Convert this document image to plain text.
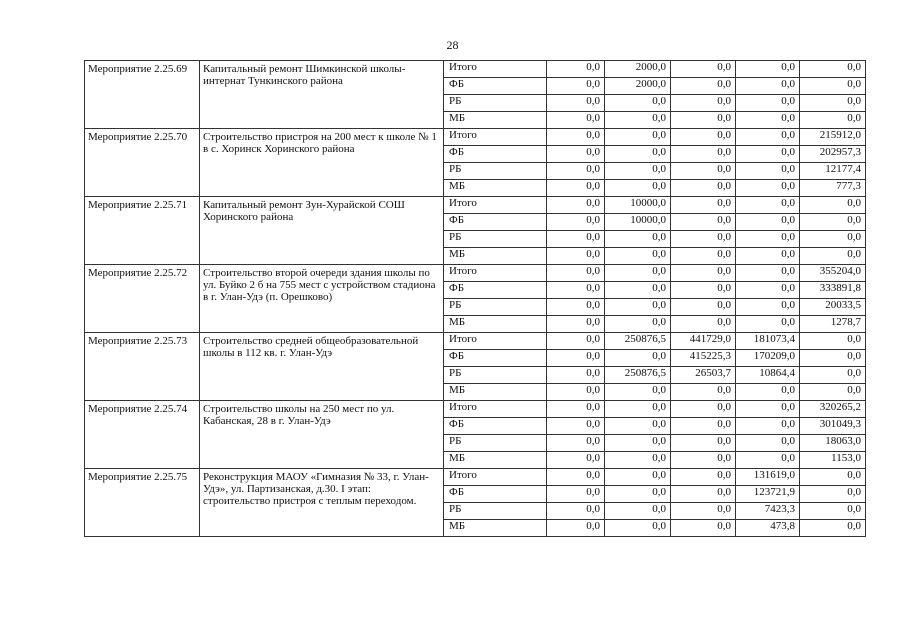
28
Мероприятие 2.25.69	Капитальный ремонт Шимкинской школы-интернат Тункинского района	Итого	0,0	2000,0	0,0	0,0	0,0
		ФБ	0,0	2000,0	0,0	0,0	0,0
		РБ	0,0	0,0	0,0	0,0	0,0
		МБ	0,0	0,0	0,0	0,0	0,0
Мероприятие 2.25.70	Строительство пристроя на 200 мест к школе № 1 в с. Хоринск Хоринского района	Итого	0,0	0,0	0,0	0,0	215912,0
		ФБ	0,0	0,0	0,0	0,0	202957,3
		РБ	0,0	0,0	0,0	0,0	12177,4
		МБ	0,0	0,0	0,0	0,0	777,3
Мероприятие 2.25.71	Капитальный ремонт Зун-Хурайской СОШ Хоринского района	Итого	0,0	10000,0	0,0	0,0	0,0
		ФБ	0,0	10000,0	0,0	0,0	0,0
		РБ	0,0	0,0	0,0	0,0	0,0
		МБ	0,0	0,0	0,0	0,0	0,0
Мероприятие 2.25.72	Строительство второй очереди здания школы по ул. Буйко 2 б на 755 мест с устройством стадиона в г. Улан-Удэ (п. Орешково)	Итого	0,0	0,0	0,0	0,0	355204,0
		ФБ	0,0	0,0	0,0	0,0	333891,8
		РБ	0,0	0,0	0,0	0,0	20033,5
		МБ	0,0	0,0	0,0	0,0	1278,7
Мероприятие 2.25.73	Строительство средней общеобразовательной школы в 112 кв. г. Улан-Удэ	Итого	0,0	250876,5	441729,0	181073,4	0,0
		ФБ	0,0	0,0	415225,3	170209,0	0,0
		РБ	0,0	250876,5	26503,7	10864,4	0,0
		МБ	0,0	0,0	0,0	0,0	0,0
Мероприятие 2.25.74	Строительство школы на 250 мест по ул. Кабанская, 28 в г. Улан-Удэ	Итого	0,0	0,0	0,0	0,0	320265,2
		ФБ	0,0	0,0	0,0	0,0	301049,3
		РБ	0,0	0,0	0,0	0,0	18063,0
		МБ	0,0	0,0	0,0	0,0	1153,0
Мероприятие 2.25.75	Реконструкция МАОУ «Гимназия № 33, г. Улан-Удэ», ул. Партизанская, д.30. I этап: строительство пристроя с теплым переходом.	Итого	0,0	0,0	0,0	131619,0	0,0
		ФБ	0,0	0,0	0,0	123721,9	0,0
		РБ	0,0	0,0	0,0	7423,3	0,0
		МБ	0,0	0,0	0,0	473,8	0,0
